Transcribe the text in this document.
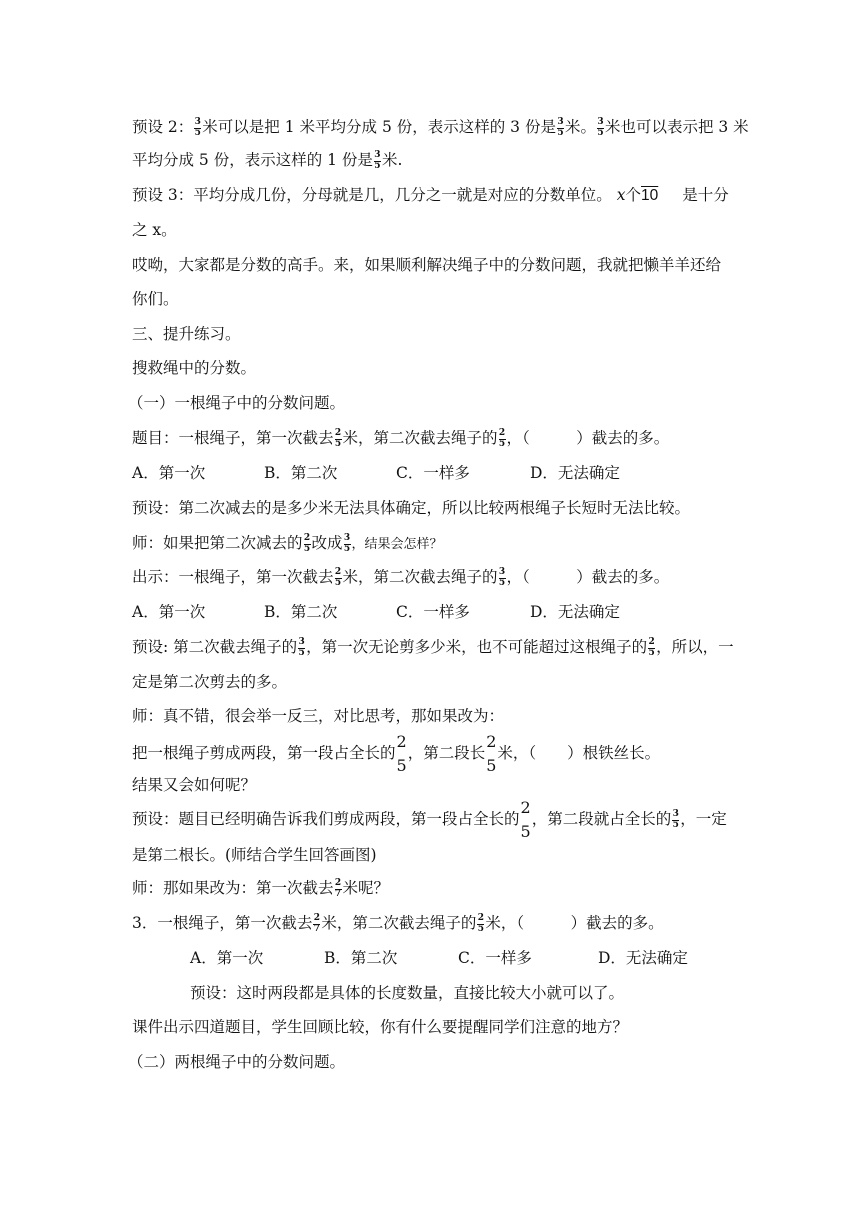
预设 2： $\frac{3}{5}$ 米可以是把 1 米平均分成 5 份，表示这样的 3 份是 $\frac{3}{5}$ 米。 $\frac{3}{5}$ 米也可以表示把 3 米
平均分成 5 份，表示这样的 1 份是 $\frac{3}{5}$ 米.
预设 3：平均分成几份，分母就是几，几分之一就是对应的分数单位。 x个10 是十分
之 x。
哎呦，大家都是分数的高手。来，如果顺利解决绳子中的分数问题，我就把懒羊羊还给
你们。
三、提升练习。
搜救绳中的分数。
（一）一根绳子中的分数问题。
题目：一根绳子，第一次截去 $\frac{2}{5}$ 米，第二次截去绳子的 $\frac{2}{5}$ ，（　　　）截去的多。
A．第一次	B．第二次	C．一样多	D．无法确定
预设：第二次减去的是多少米无法具体确定，所以比较两根绳子长短时无法比较。
师：如果把第二次减去的 $\frac{2}{5}$ 改成 $\frac{3}{5}$ ，结果会怎样？
出示：一根绳子，第一次截去 $\frac{2}{5}$ 米，第二次截去绳子的 $\frac{3}{5}$ ，（　　　）截去的多。
A．第一次	B．第二次	C．一样多	D．无法确定
预设: 第二次截去绳子的 $\frac{3}{5}$ ，第一次无论剪多少米，也不可能超过这根绳子的 $\frac{2}{5}$ ，所以，一
定是第二次剪去的多。
师：真不错，很会举一反三，对比思考，那如果改为：
把一根绳子剪成两段，第一段占全长的
2
5
，第二段长
2
5
米，（　　）根铁丝长。
结果又会如何呢？
预设：题目已经明确告诉我们剪成两段，第一段占全长的
2
5
，第二段就占全长的 $\frac{3}{5}$ ，一定
是第二根长。(师结合学生回答画图)
师：那如果改为：第一次截去 $\frac{2}{7}$ 米呢？
3．一根绳子，第一次截去 $\frac{2}{7}$ 米，第二次截去绳子的 $\frac{2}{5}$ 米，（　　　）截去的多。
A．第一次	B．第二次	C．一样多	D．无法确定
预设：这时两段都是具体的长度数量，直接比较大小就可以了。
课件出示四道题目，学生回顾比较，你有什么要提醒同学们注意的地方？
（二）两根绳子中的分数问题。
